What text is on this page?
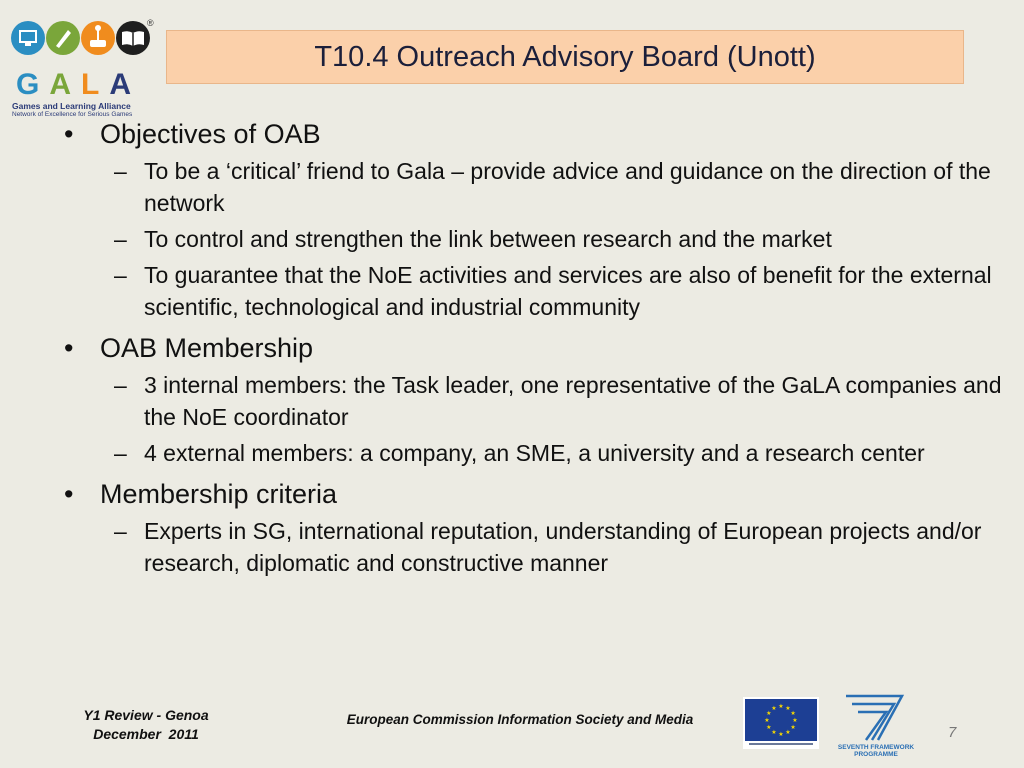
®
GALA
Games and Learning Alliance
Network of Excellence for Serious Games
T10.4 Outreach Advisory Board (Unott)
• Objectives of OAB
– To be a ‘critical’ friend to Gala – provide advice and guidance on the direction of the network
– To control and strengthen the link between research and the market
– To guarantee that the NoE activities and services are also of benefit for the external scientific, technological and industrial community
• OAB Membership
– 3 internal members: the Task leader, one representative of the GaLA companies and the NoE coordinator
– 4 external members: a company, an SME, a university and a research center
• Membership criteria
– Experts in SG, international reputation, understanding of European projects and/or research, diplomatic and constructive manner
Y1 Review - Genoa
December  2011
European Commission Information Society and Media
★ ★
★
★
★
★
★
★
★
★
★
★
SEVENTH FRAMEWORK
PROGRAMME
7
